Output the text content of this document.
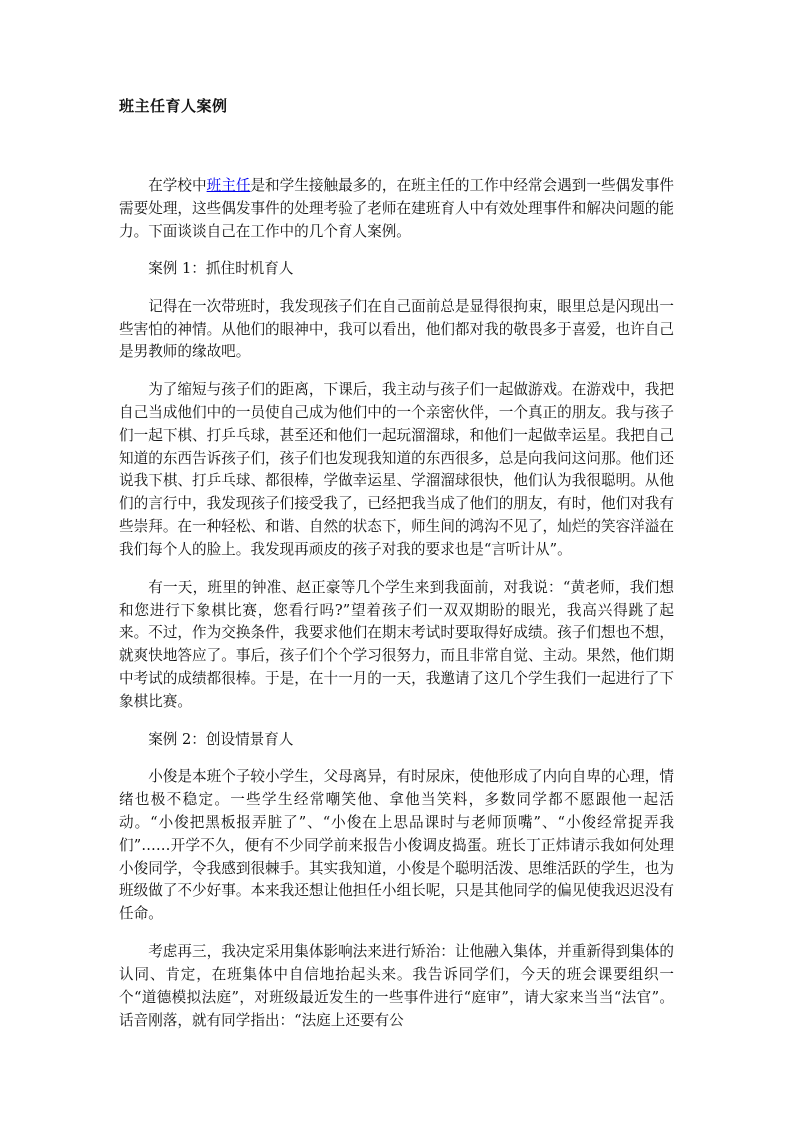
班主任育人案例

在学校中班主任是和学生接触最多的，在班主任的工作中经常会遇到一些偶发事件需要处理，这些偶发事件的处理考验了老师在建班育人中有效处理事件和解决问题的能力。下面谈谈自己在工作中的几个育人案例。

案例 1：抓住时机育人

记得在一次带班时，我发现孩子们在自己面前总是显得很拘束，眼里总是闪现出一些害怕的神情。从他们的眼神中，我可以看出，他们都对我的敬畏多于喜爱，也许自己是男教师的缘故吧。

为了缩短与孩子们的距离，下课后，我主动与孩子们一起做游戏。在游戏中，我把自己当成他们中的一员使自己成为他们中的一个亲密伙伴，一个真正的朋友。我与孩子们一起下棋、打乒乓球，甚至还和他们一起玩溜溜球，和他们一起做幸运星。我把自己知道的东西告诉孩子们，孩子们也发现我知道的东西很多，总是向我问这问那。他们还说我下棋、打乒乓球、都很棒，学做幸运星、学溜溜球很快，他们认为我很聪明。从他们的言行中，我发现孩子们接受我了，已经把我当成了他们的朋友，有时，他们对我有些崇拜。在一种轻松、和谐、自然的状态下，师生间的鸿沟不见了，灿烂的笑容洋溢在我们每个人的脸上。我发现再顽皮的孩子对我的要求也是“言听计从”。

有一天，班里的钟准、赵正豪等几个学生来到我面前，对我说：“黄老师，我们想和您进行下象棋比赛，您看行吗?”望着孩子们一双双期盼的眼光，我高兴得跳了起来。不过，作为交换条件，我要求他们在期末考试时要取得好成绩。孩子们想也不想，就爽快地答应了。事后，孩子们个个学习很努力，而且非常自觉、主动。果然，他们期中考试的成绩都很棒。于是，在十一月的一天，我邀请了这几个学生我们一起进行了下象棋比赛。

案例 2：创设情景育人

小俊是本班个子较小学生，父母离异，有时尿床，使他形成了内向自卑的心理，情绪也极不稳定。一些学生经常嘲笑他、拿他当笑料，多数同学都不愿跟他一起活动。“小俊把黑板报弄脏了”、“小俊在上思品课时与老师顶嘴”、“小俊经常捉弄我们”……开学不久，便有不少同学前来报告小俊调皮捣蛋。班长丁正炜请示我如何处理小俊同学，令我感到很棘手。其实我知道，小俊是个聪明活泼、思维活跃的学生，也为班级做了不少好事。本来我还想让他担任小组长呢，只是其他同学的偏见使我迟迟没有任命。

考虑再三，我决定采用集体影响法来进行矫治：让他融入集体，并重新得到集体的认同、肯定，在班集体中自信地抬起头来。我告诉同学们，今天的班会课要组织一个“道德模拟法庭”，对班级最近发生的一些事件进行“庭审”，请大家来当当“法官”。话音刚落，就有同学指出：“法庭上还要有公
